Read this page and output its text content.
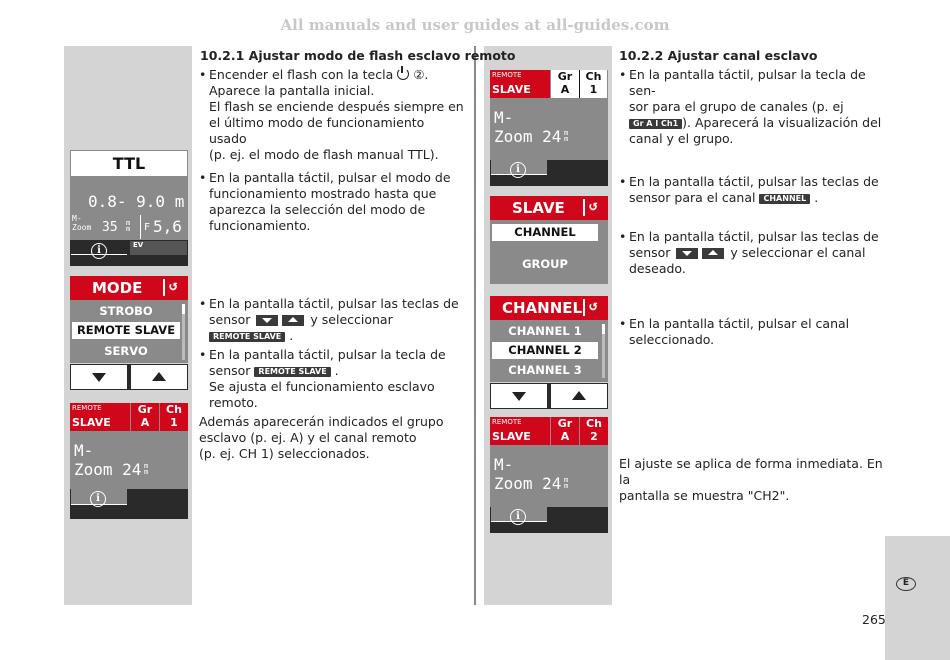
All manuals and user guides at all-guides.com
E
265
10.2.1 Ajustar modo de flash esclavo remoto
• Encender el flash con la tecla ②.
Aparece la pantalla inicial.
El flash se enciende después siempre en
el último modo de funcionamiento usado
(p. ej. el modo de flash manual TTL).
• En la pantalla táctil, pulsar el modo de
funcionamiento mostrado hasta que
aparezca la selección del modo de
funcionamiento.
• En la pantalla táctil, pulsar las teclas de
sensor	y seleccionar
REMOTE SLAVE .
• En la pantalla táctil, pulsar la tecla de
sensor REMOTE SLAVE .
Se ajusta el funcionamiento esclavo
remoto.
Además aparecerán indicados el grupo
esclavo (p. ej. A) y el canal remoto
(p. ej. CH 1) seleccionados.
10.2.2 Ajustar canal esclavo
• En la pantalla táctil, pulsar la tecla de sen-
sor para el grupo de canales (p. ej
Gr A I Ch1 ). Aparecerá la visualización del
canal y el grupo.
• En la pantalla táctil, pulsar las teclas de
sensor para el canal CHANNEL .
• En la pantalla táctil, pulsar las teclas de
sensor	y seleccionar el canal
deseado.
• En la pantalla táctil, pulsar el canal
seleccionado.
El ajuste se aplica de forma inmediata. En la
pantalla se muestra "CH2".
TTL
0.8- 9.0 m
M-
Zoom 35 m
m F 5,6
i	EV
MODE ↺
STROBO
REMOTE SLAVE
SERVO
REMOTE
SLAVE
Gr
A
Ch
1
M-
Zoom 24 m
m
i
REMOTE
SLAVE
Gr
A
Ch
1
M-
Zoom 24 m
m
i
SLAVE ↺
CHANNEL
GROUP
CHANNEL ↺
CHANNEL 1
CHANNEL 2
CHANNEL 3
REMOTE
SLAVE
Gr
A
Ch
2
M-
Zoom 24 m
m
i
